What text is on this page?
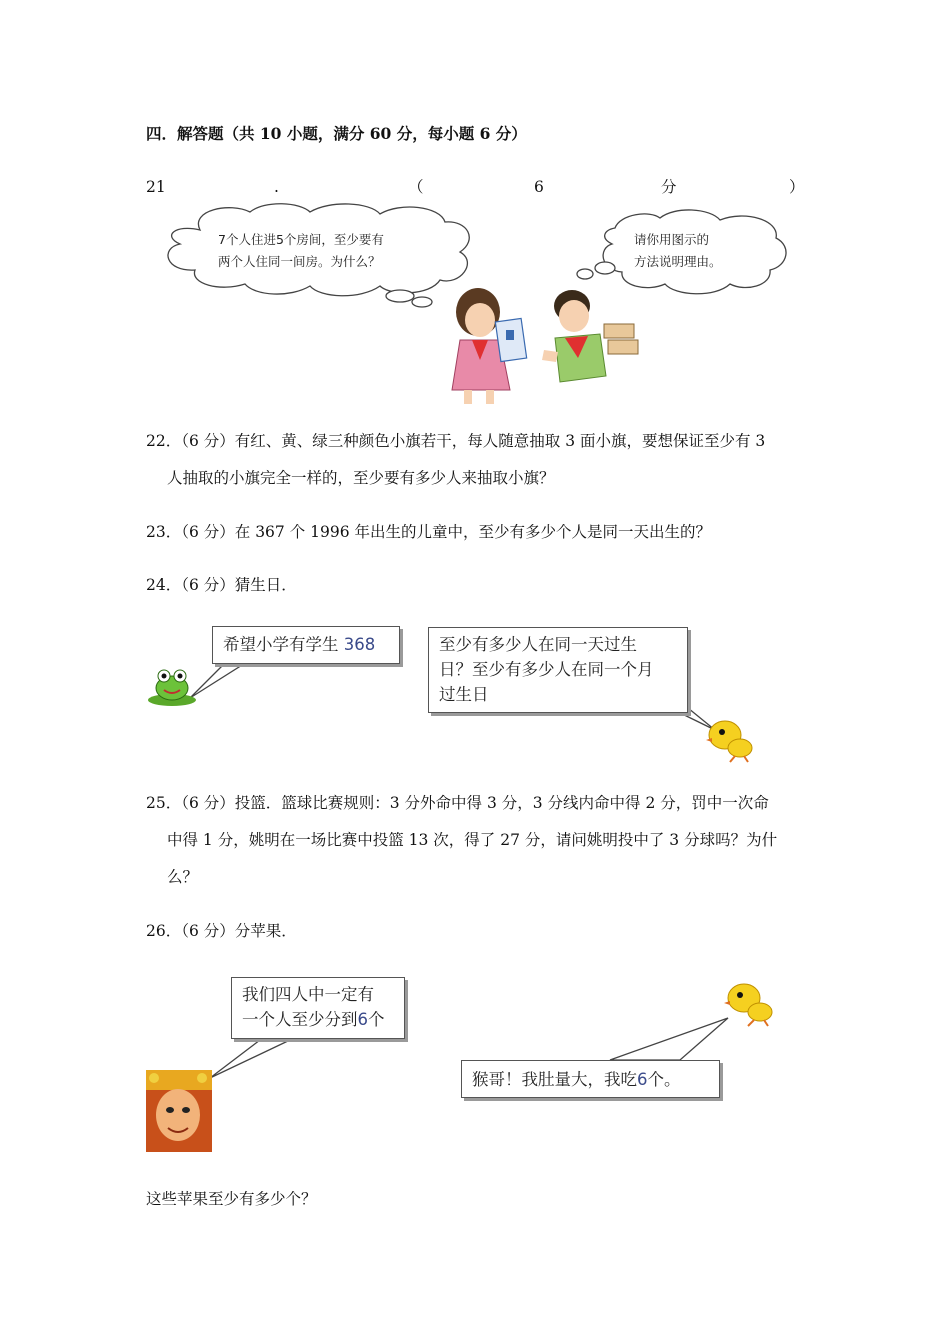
四．解答题（共 10 小题，满分 60 分，每小题 6 分）
21	.	（	6	分	）
7个人住进5个房间，至少要有
两个人住同一间房。为什么？
请你用图示的
方法说明理由。
22．（6 分）有红、黄、绿三种颜色小旗若干，每人随意抽取 3 面小旗，要想保证至少有 3
人抽取的小旗完全一样的，至少要有多少人来抽取小旗？
23．（6 分）在 367 个 1996 年出生的儿童中，至少有多少个人是同一天出生的？
24．（6 分）猜生日．
希望小学有学生 368	至少有多少人在同一天过生
日？至少有多少人在同一个月
过生日
25．（6 分）投篮．篮球比赛规则：3 分外命中得 3 分，3 分线内命中得 2 分，罚中一次命
中得 1 分，姚明在一场比赛中投篮 13 次，得了 27 分，请问姚明投中了 3 分球吗？为什
么？
26．（6 分）分苹果．
我们四人中一定有
一个人至少分到6个
猴哥！我肚量大，我吃6个。
这些苹果至少有多少个？
